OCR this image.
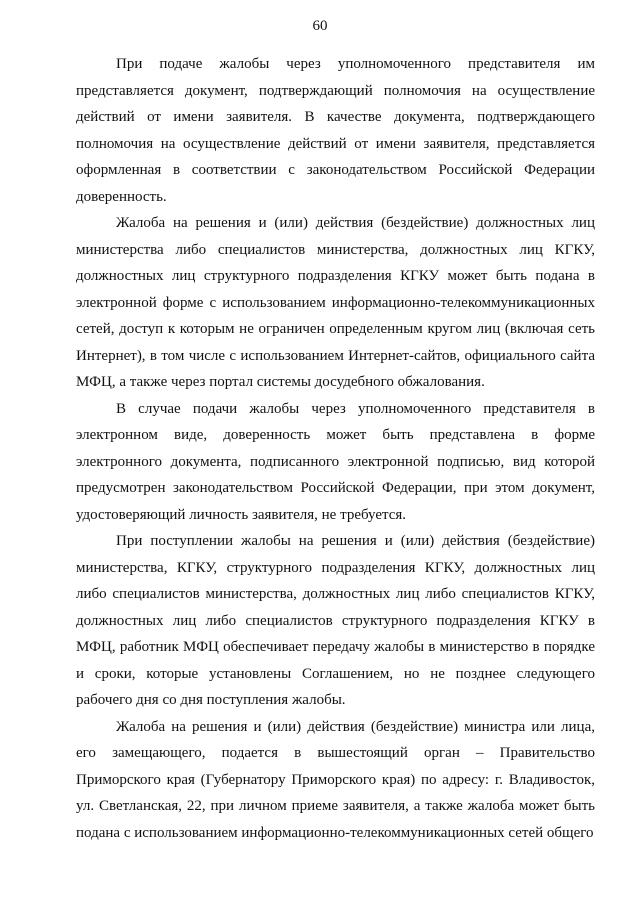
60

При подаче жалобы через уполномоченного представителя им представляется документ, подтверждающий полномочия на осуществление действий от имени заявителя. В качестве документа, подтверждающего полномочия на осуществление действий от имени заявителя, представляется оформленная в соответствии с законодательством Российской Федерации доверенность.

Жалоба на решения и (или) действия (бездействие) должностных лиц министерства либо специалистов министерства, должностных лиц КГКУ, должностных лиц структурного подразделения КГКУ может быть подана в электронной форме с использованием информационно-телекоммуникационных сетей, доступ к которым не ограничен определенным кругом лиц (включая сеть Интернет), в том числе с использованием Интернет-сайтов, официального сайта МФЦ, а также через портал системы досудебного обжалования.

В случае подачи жалобы через уполномоченного представителя в электронном виде, доверенность может быть представлена в форме электронного документа, подписанного электронной подписью, вид которой предусмотрен законодательством Российской Федерации, при этом документ, удостоверяющий личность заявителя, не требуется.

При поступлении жалобы на решения и (или) действия (бездействие) министерства, КГКУ, структурного подразделения КГКУ, должностных лиц либо специалистов министерства, должностных лиц либо специалистов КГКУ, должностных лиц либо специалистов структурного подразделения КГКУ в МФЦ, работник МФЦ обеспечивает передачу жалобы в министерство в порядке и сроки, которые установлены Соглашением, но не позднее следующего рабочего дня со дня поступления жалобы.

Жалоба на решения и (или) действия (бездействие) министра или лица, его замещающего, подается в вышестоящий орган – Правительство Приморского края (Губернатору Приморского края) по адресу: г. Владивосток, ул. Светланская, 22, при личном приеме заявителя, а также жалоба может быть подана с использованием информационно-телекоммуникационных сетей общего
